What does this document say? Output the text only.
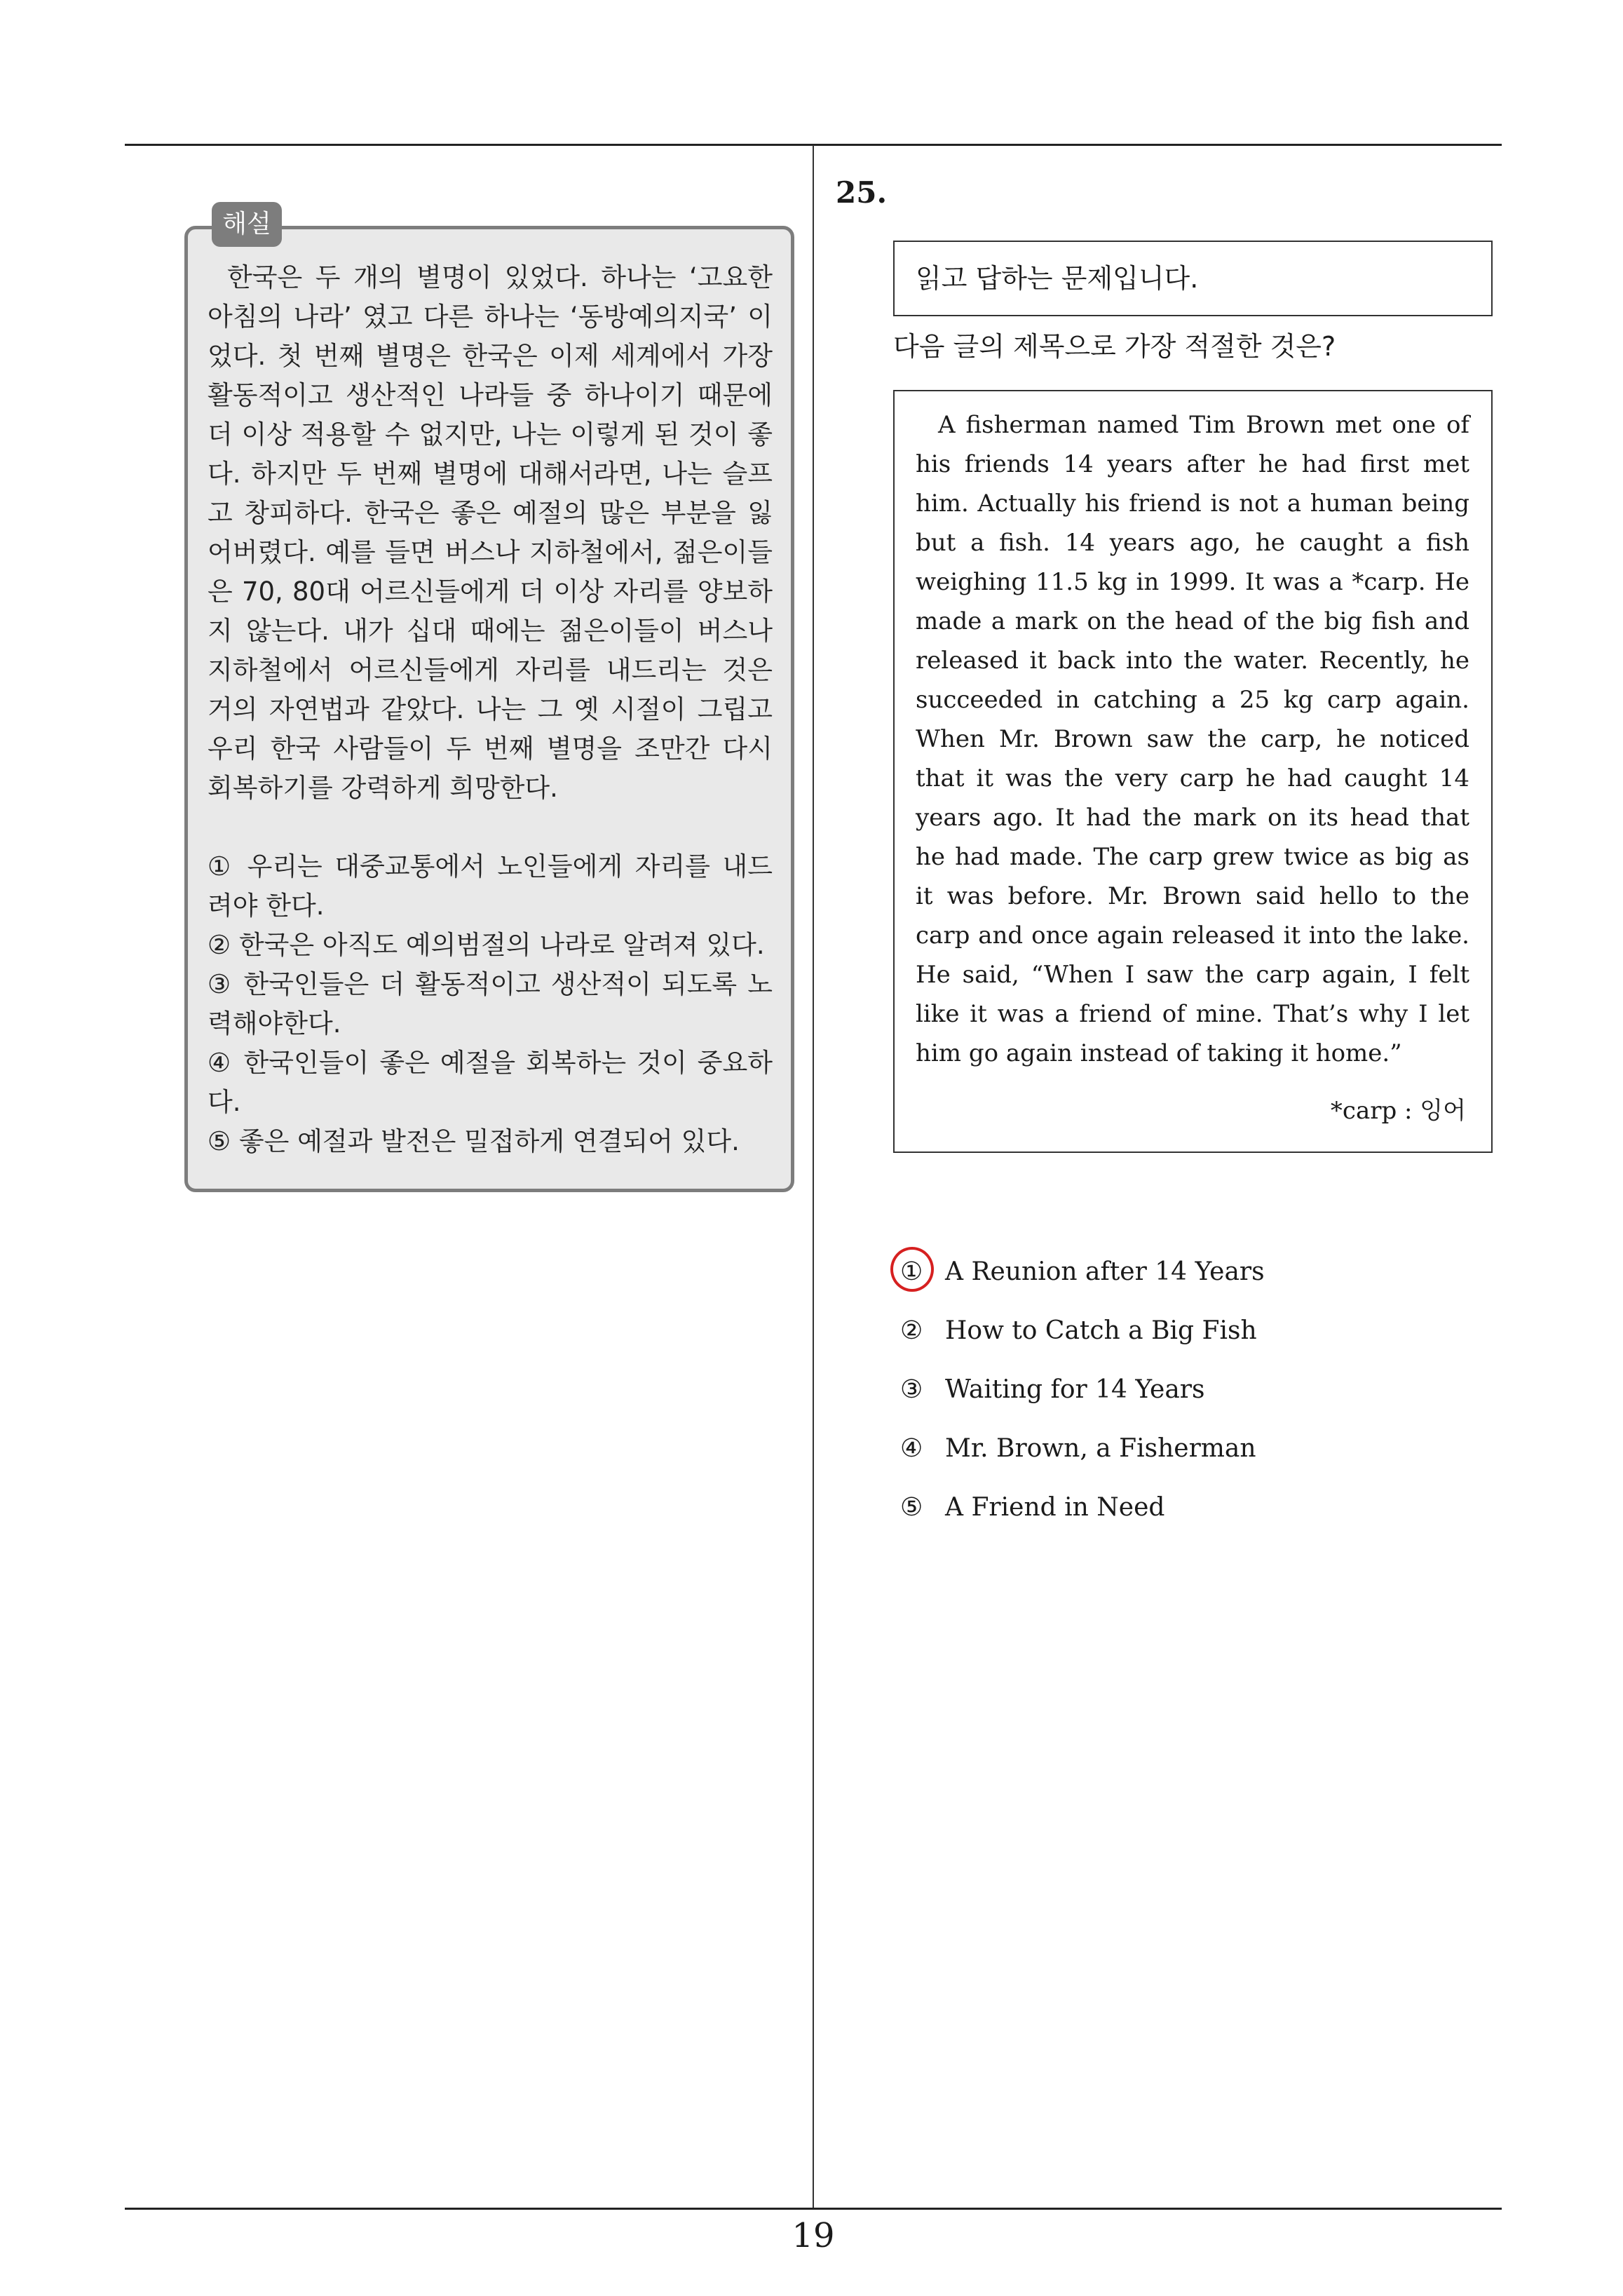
해설

한국은 두 개의 별명이 있었다. 하나는 ‘고요한 아침의 나라’ 였고 다른 하나는 ‘동방예의지국’ 이었다. 첫 번째 별명은 한국은 이제 세계에서 가장 활동적이고 생산적인 나라들 중 하나이기 때문에 더 이상 적용할 수 없지만, 나는 이렇게 된 것이 좋다. 하지만 두 번째 별명에 대해서라면, 나는 슬프고 창피하다. 한국은 좋은 예절의 많은 부분을 잃어버렸다. 예를 들면 버스나 지하철에서, 젊은이들은 70, 80대 어르신들에게 더 이상 자리를 양보하지 않는다. 내가 십대 때에는 젊은이들이 버스나 지하철에서 어르신들에게 자리를 내드리는 것은 거의 자연법과 같았다. 나는 그 옛 시절이 그립고 우리 한국 사람들이 두 번째 별명을 조만간 다시 회복하기를 강력하게 희망한다.

① 우리는 대중교통에서 노인들에게 자리를 내드려야 한다.

② 한국은 아직도 예의범절의 나라로 알려져 있다.

③ 한국인들은 더 활동적이고 생산적이 되도록 노력해야한다.

④ 한국인들이 좋은 예절을 회복하는 것이 중요하다.

⑤ 좋은 예절과 발전은 밀접하게 연결되어 있다.

25.
읽고 답하는 문제입니다.
다음 글의 제목으로 가장 적절한 것은?

A fisherman named Tim Brown met one of his friends 14 years after he had first met him. Actually his friend is not a human being but a fish. 14 years ago, he caught a fish weighing 11.5 kg in 1999. It was a *carp. He made a mark on the head of the big fish and released it back into the water. Recently, he succeeded in catching a 25 kg carp again. When Mr. Brown saw the carp, he noticed that it was the very carp he had caught 14 years ago. It had the mark on its head that he had made. The carp grew twice as big as it was before. Mr. Brown said hello to the carp and once again released it into the lake. He said, “When I saw the carp again, I felt like it was a friend of mine. That’s why I let him go again instead of taking it home.”

*carp : 잉어
① A Reunion after 14 Years
② How to Catch a Big Fish
③ Waiting for 14 Years
④ Mr. Brown, a Fisherman
⑤ A Friend in Need
19
